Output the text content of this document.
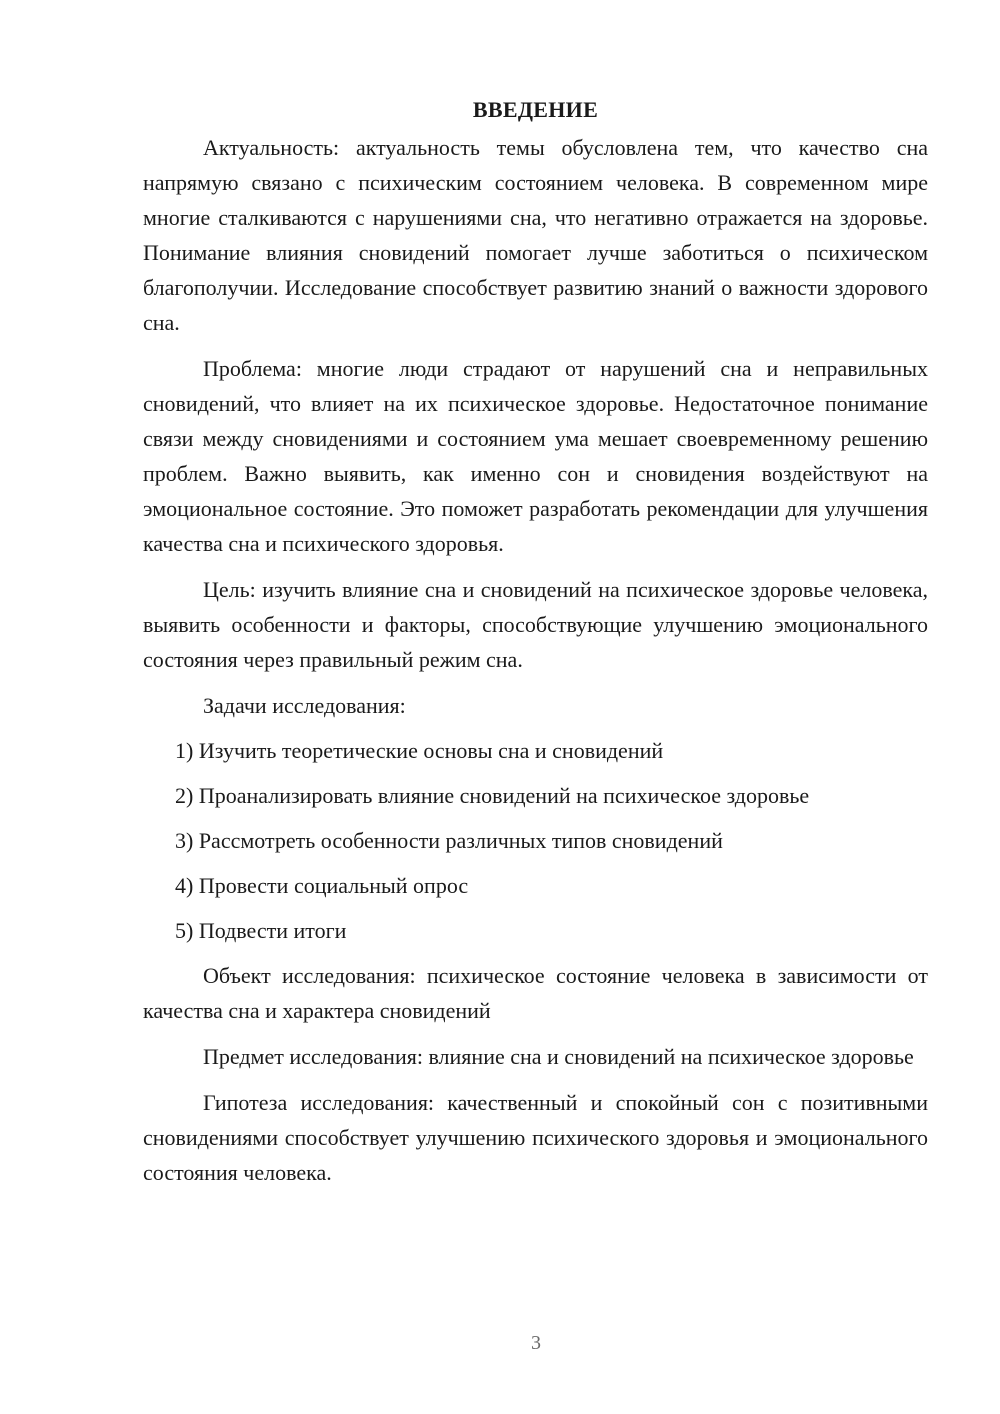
ВВЕДЕНИЕ

Актуальность: актуальность темы обусловлена тем, что качество сна напрямую связано с психическим состоянием человека. В современном мире многие сталкиваются с нарушениями сна, что негативно отражается на здоровье. Понимание влияния сновидений помогает лучше заботиться о психическом благополучии. Исследование способствует развитию знаний о важности здорового сна.

Проблема: многие люди страдают от нарушений сна и неправильных сновидений, что влияет на их психическое здоровье. Недостаточное понимание связи между сновидениями и состоянием ума мешает своевременному решению проблем. Важно выявить, как именно сон и сновидения воздействуют на эмоциональное состояние. Это поможет разработать рекомендации для улучшения качества сна и психического здоровья.

Цель: изучить влияние сна и сновидений на психическое здоровье человека, выявить особенности и факторы, способствующие улучшению эмоционального состояния через правильный режим сна.

Задачи исследования:
1) Изучить теоретические основы сна и сновидений
2) Проанализировать влияние сновидений на психическое здоровье
3) Рассмотреть особенности различных типов сновидений
4) Провести социальный опрос
5) Подвести итоги

Объект исследования: психическое состояние человека в зависимости от качества сна и характера сновидений

Предмет исследования: влияние сна и сновидений на психическое здоровье

Гипотеза исследования: качественный и спокойный сон с позитивными сновидениями способствует улучшению психического здоровья и эмоционального состояния человека.

3
